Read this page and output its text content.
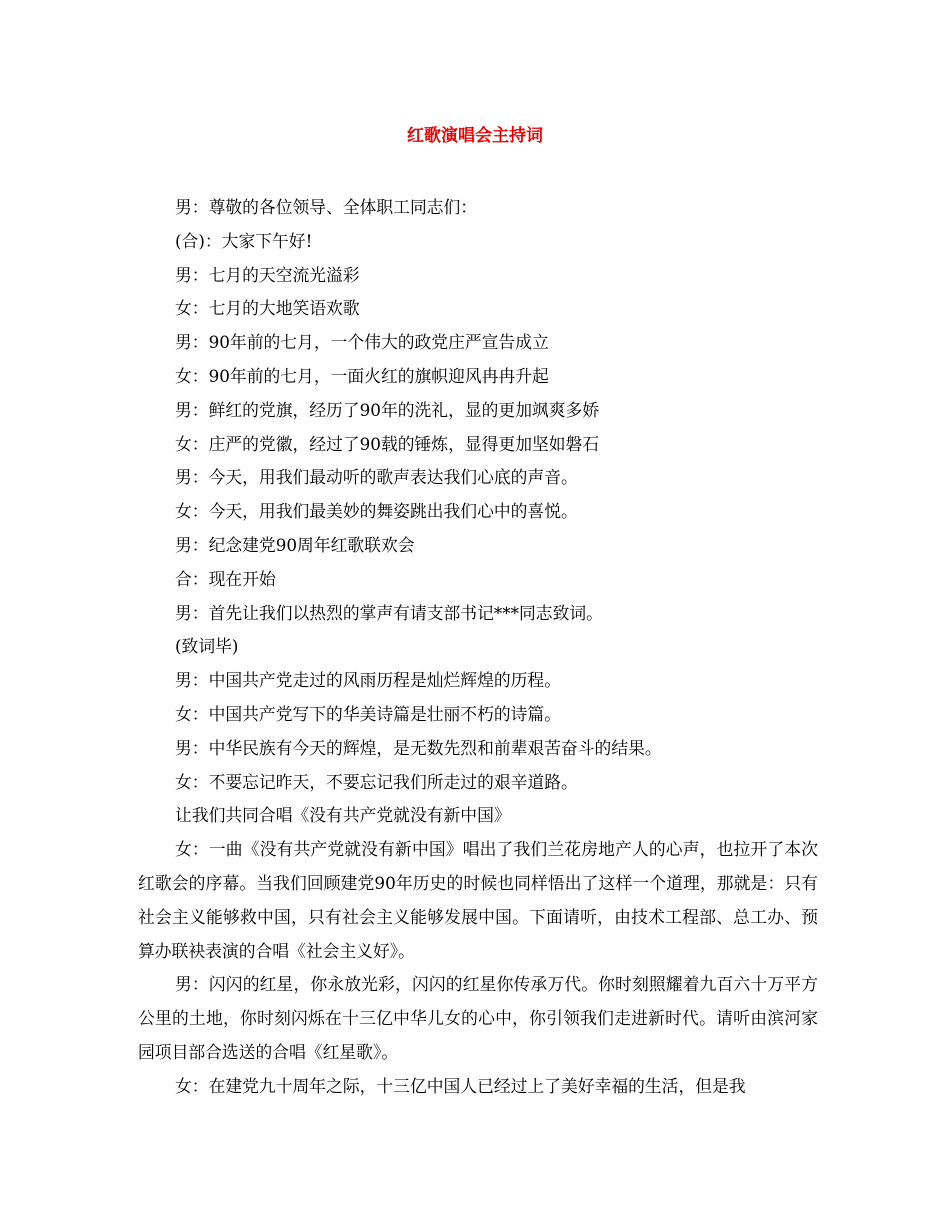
红歌演唱会主持词
男：尊敬的各位领导、全体职工同志们：
(合)：大家下午好!
男：七月的天空流光溢彩
女：七月的大地笑语欢歌
男：90年前的七月，一个伟大的政党庄严宣告成立
女：90年前的七月，一面火红的旗帜迎风冉冉升起
男：鲜红的党旗，经历了90年的洗礼，显的更加飒爽多娇
女：庄严的党徽，经过了90载的锤炼，显得更加坚如磐石
男：今天，用我们最动听的歌声表达我们心底的声音。
女：今天，用我们最美妙的舞姿跳出我们心中的喜悦。
男：纪念建党90周年红歌联欢会
合：现在开始
男：首先让我们以热烈的掌声有请支部书记***同志致词。
(致词毕)
男：中国共产党走过的风雨历程是灿烂辉煌的历程。
女：中国共产党写下的华美诗篇是壮丽不朽的诗篇。
男：中华民族有今天的辉煌，是无数先烈和前辈艰苦奋斗的结果。
女：不要忘记昨天，不要忘记我们所走过的艰辛道路。
让我们共同合唱《没有共产党就没有新中国》
女：一曲《没有共产党就没有新中国》唱出了我们兰花房地产人的心声，也拉开了本次红歌会的序幕。当我们回顾建党90年历史的时候也同样悟出了这样一个道理，那就是：只有社会主义能够救中国，只有社会主义能够发展中国。下面请听，由技术工程部、总工办、预算办联袂表演的合唱《社会主义好》。
男：闪闪的红星，你永放光彩，闪闪的红星你传承万代。你时刻照耀着九百六十万平方公里的土地，你时刻闪烁在十三亿中华儿女的心中，你引领我们走进新时代。请听由滨河家园项目部合选送的合唱《红星歌》。
女：在建党九十周年之际，十三亿中国人已经过上了美好幸福的生活，但是我
